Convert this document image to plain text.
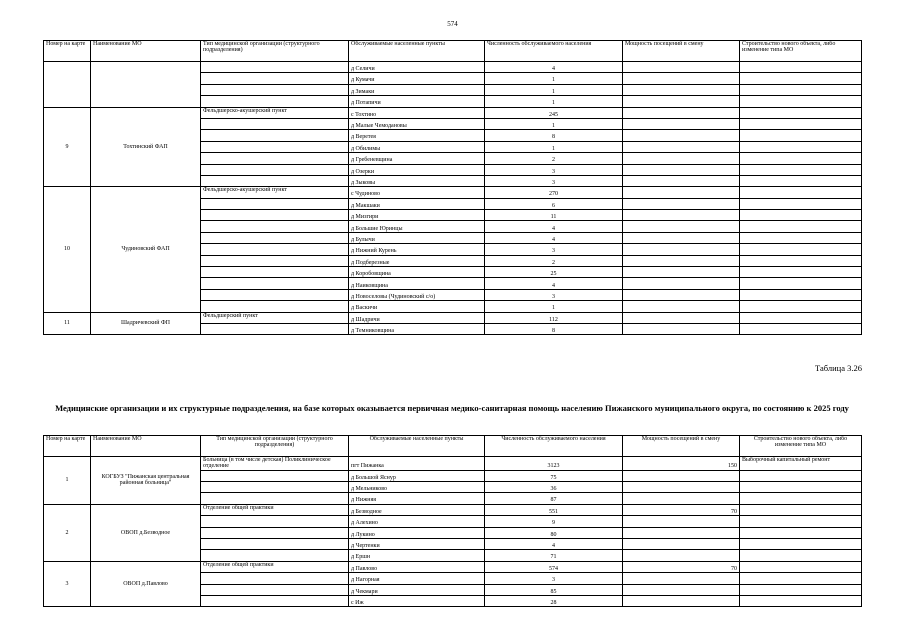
574
Номер на карте	Наименование МО	Тип медицинской организации (структурного подразделения)	Обслуживаемые населенные пункты	Численность обслуживаемого населения	Мощность посещений в смену	Строительство нового объекта, либо изменение типа МО
			д Селичи	4		
			д Кумачи	1		
			д Зимаки	1		
			д Потапичи	1		
9	Тохтинский ФАП	Фельдшерско-акушерский пункт	с Тохтино	245		
			д Малые Чемодановы	1		
			д Веретея	8		
			д Обилимы	1		
			д Гребеневщина	2		
			д Озерки	3		
			д Зыковы	3		
10	Чудиновский ФАП	Фельдшерско-акушерский пункт	с Чудиново	270		
			д Макшаки	6		
			д Мизгири	11		
			д Большие Юринцы	4		
			д Булычи	4		
			д Нижний Курень	3		
			д Подберезные	2		
			д Коробовщина	25		
			д Наиковщина	4		
			д Новоселовы (Чудиновский с/о)	3		
			д Васкичи	1		
11	Шадричевский ФП	Фельдшерский пункт	д Шадричи	112		
			д Темниковщина	8		
Таблица 3.26
Медицинские организации и их структурные подразделения, на базе которых оказывается первичная медико-санитарная помощь населению Пижанского муниципального округа, по состоянию к 2025 году
Номер на карте	Наименование МО	Тип медицинской организации (структурного подразделения)	Обслуживаемые населенные пункты	Численность обслуживаемого населения	Мощность посещений в смену	Строительство нового объекта, либо изменение типа МО
1	КОГБУЗ "Пижанская центральная районная больница"	Больница (в том числе детская) Поликлиническое отделение	пгт Пижанка	3123	150	Выборочный капитальный ремонт
			д Большой Яснур	75		
			д Мельниково	36		
			д Нижняя	87		
2	ОВОП д.Безводное	Отделение общей практики	д Безводное	551	70	
			д Алехино	9		
			д Лукино	80		
			д Чертенки	4		
			д Ершн	71		
3	ОВОП д.Павлово	Отделение общей практики	д Павлово	574	70	
			д Нагорная	3		
			д Чекмари	85		
			с Иж	28		
